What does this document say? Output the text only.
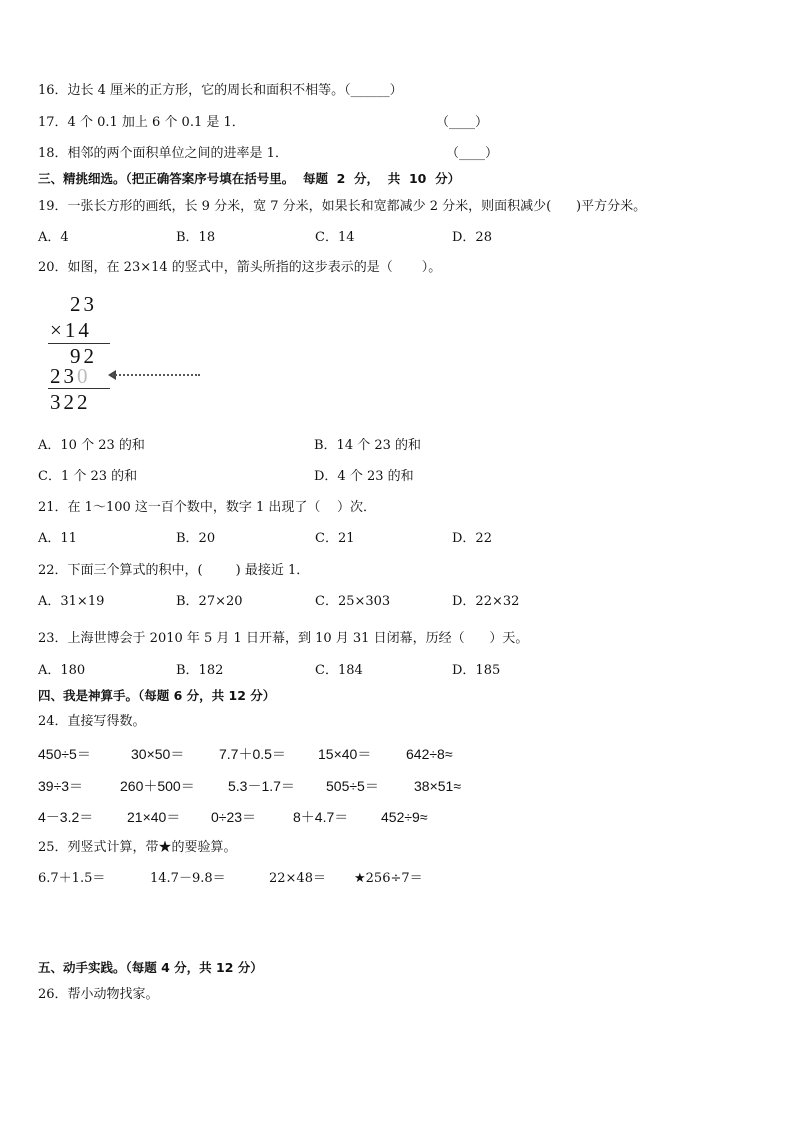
16．边长 4 厘米的正方形，它的周长和面积不相等。（______）
17．4 个 0.1 加上 6 个 0.1 是 1．	（____）
18．相邻的两个面积单位之间的进率是 1．	（____）
三、精挑细选。（把正确答案序号填在括号里。  每题  2  分，  共  10  分）
19．一张长方形的画纸，长 9 分米，宽 7 分米，如果长和宽都减少 2 分米，则面积减少(      )平方分米。
A．4	B．18	C．14	D．28
20．如图，在 23×14 的竖式中，箭头所指的这步表示的是（       ）。
23
×14
92
230
322
A．10 个 23 的和	B．14 个 23 的和
C．1 个 23 的和	D．4 个 23 的和
21．在 1～100 这一百个数中，数字 1 出现了（    ）次．
A．11	B．20	C．21	D．22
22．下面三个算式的积中，(        ) 最接近 1．
A．31×19	B．27×20	C．25×303	D．22×32
23．上海世博会于 2010 年 5 月 1 日开幕，到 10 月 31 日闭幕，历经（      ）天。
A．180	B．182	C．184	D．185
四、我是神算手。（每题 6 分，共 12 分）
24．直接写得数。
450÷5＝	30×50＝ 7.7＋0.5＝ 15×40＝ 642÷8≈
39÷3＝	260＋500＝ 5.3－1.7＝ 505÷5＝	38×51≈
4－3.2＝ 21×40＝ 0÷23＝	8＋4.7＝ 452÷9≈
25．列竖式计算，带★的要验算。
6.7＋1.5＝	14.7－9.8＝	22×48＝ ★256÷7＝
五、动手实践。（每题 4 分，共 12 分）
26．帮小动物找家。
